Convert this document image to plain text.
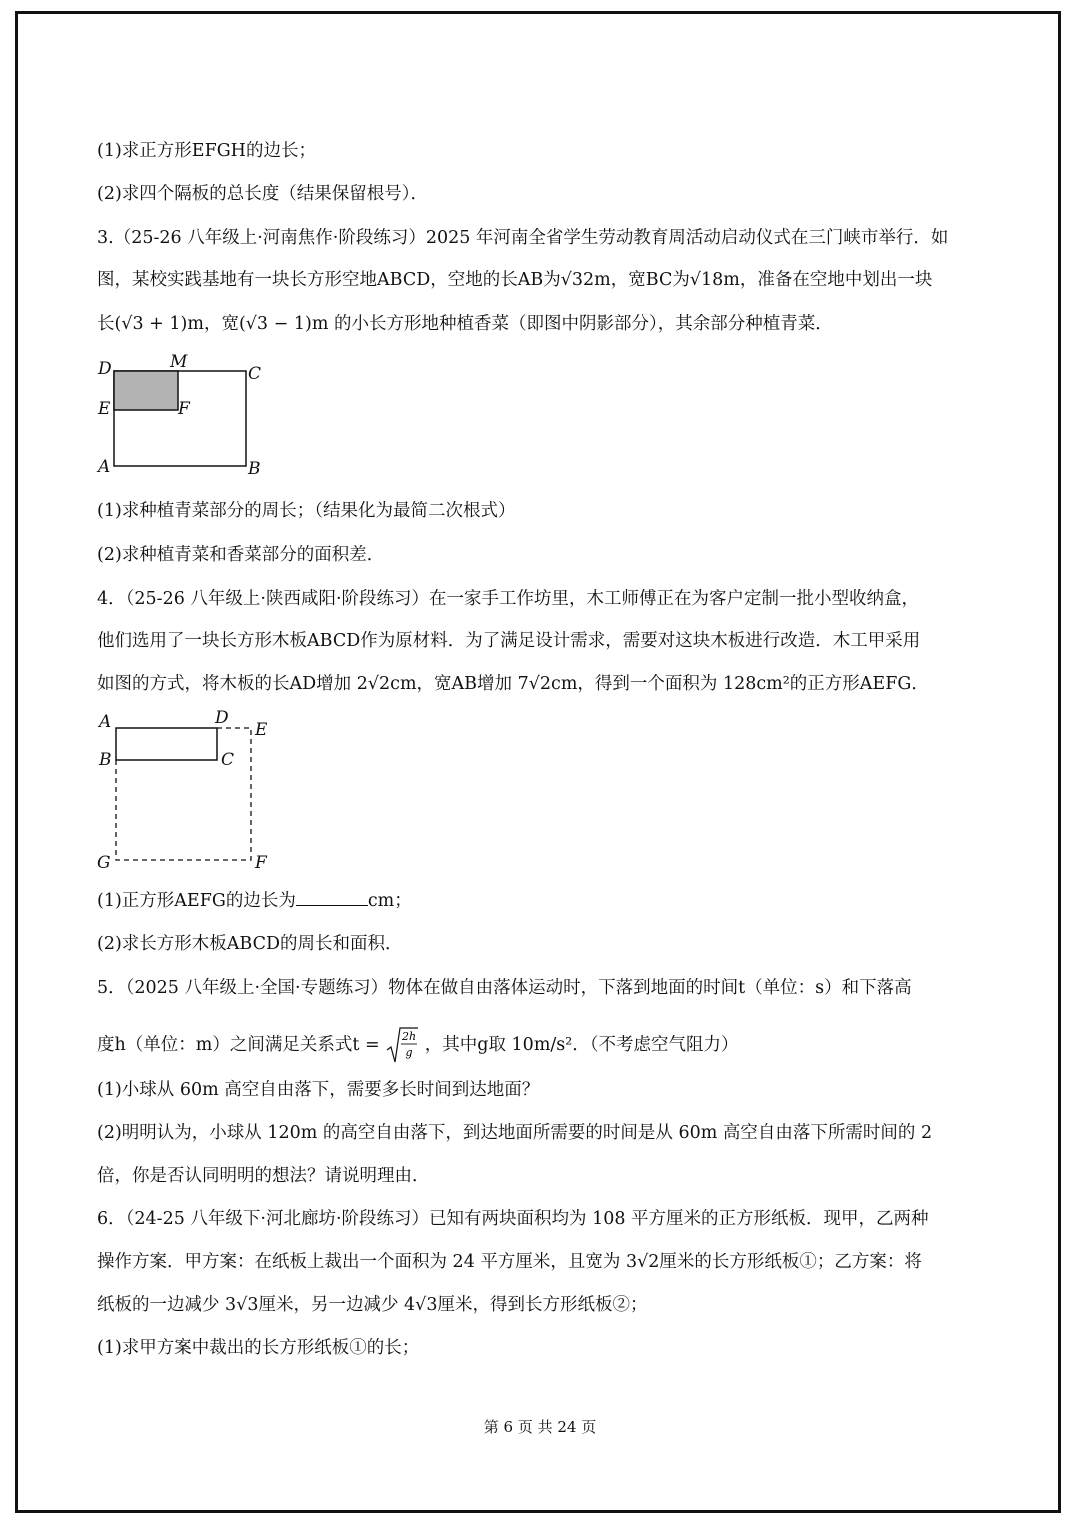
(1)求正方形EFGH的边长；
(2)求四个隔板的总长度（结果保留根号）．
3.（25-26 八年级上·河南焦作·阶段练习）2025 年河南全省学生劳动教育周活动启动仪式在三门峡市举行．如
图，某校实践基地有一块长方形空地ABCD，空地的长AB为√32m，宽BC为√18m，准备在空地中划出一块
长(√3 + 1)m，宽(√3 − 1)m 的小长方形地种植香菜（即图中阴影部分），其余部分种植青菜．
D	M
C
E	F
A	B
(1)求种植青菜部分的周长；（结果化为最简二次根式）
(2)求种植青菜和香菜部分的面积差．
4．（25-26 八年级上·陕西咸阳·阶段练习）在一家手工作坊里，木工师傅正在为客户定制一批小型收纳盒，
他们选用了一块长方形木板ABCD作为原材料．为了满足设计需求，需要对这块木板进行改造．木工甲采用
如图的方式，将木板的长AD增加 2√2cm，宽AB增加 7√2cm，得到一个面积为 128cm²的正方形AEFG．
A	D
E
B	C
G	F
(1)正方形AEFG的边长为	cm；
(2)求长方形木板ABCD的周长和面积．
5．（2025 八年级上·全国·专题练习）物体在做自由落体运动时，下落到地面的时间t（单位：s）和下落高
度h（单位：m）之间满足关系式t = 2h
g ，其中g取 10m/s²．（不考虑空气阻力）
(1)小球从 60m 高空自由落下，需要多长时间到达地面？
(2)明明认为，小球从 120m 的高空自由落下，到达地面所需要的时间是从 60m 高空自由落下所需时间的 2
倍，你是否认同明明的想法？请说明理由．
6．（24-25 八年级下·河北廊坊·阶段练习）已知有两块面积均为 108 平方厘米的正方形纸板．现甲，乙两种
操作方案．甲方案：在纸板上裁出一个面积为 24 平方厘米，且宽为 3√2厘米的长方形纸板①；乙方案：将
纸板的一边减少 3√3厘米，另一边减少 4√3厘米，得到长方形纸板②；
(1)求甲方案中裁出的长方形纸板①的长；
第 6 页 共 24 页
